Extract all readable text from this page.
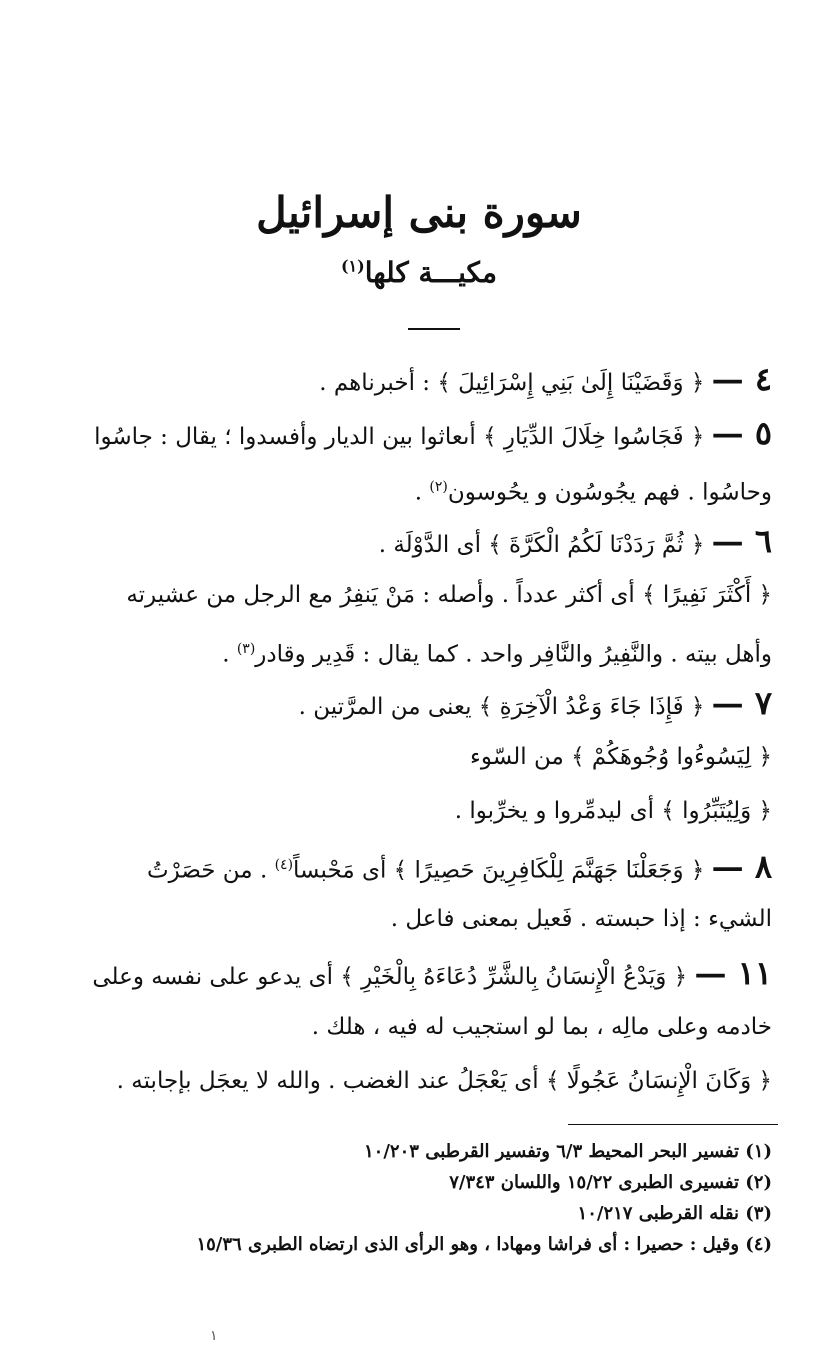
سورة بنى إسرائيل
مكيـــة كلها$^{(١)}$
٤ — ﴿ وَقَضَيْنَا إِلَىٰ بَنِي إِسْرَائِيلَ ﴾ : أخبرناهم .
٥ — ﴿ فَجَاسُوا خِلَالَ الدِّيَارِ ﴾ أىعاثوا بين الديار وأفسدوا ؛ يقال : جاسُوا
وحاسُوا . فهم يجُوسُون و يحُوسون$^{(٢)}$ .
٦ — ﴿ ثُمَّ رَدَدْنَا لَكُمُ الْكَرَّةَ ﴾ أى الدَّوْلَة .
﴿ أَكْثَرَ نَفِيرًا ﴾ أى أكثر عدداً . وأصله : مَنْ يَنفِرُ مع الرجل من عشيرته
وأهل بيته . والنَّفِيرُ والنَّافِر واحد . كما يقال : قَدِير وقادر$^{(٣)}$ .
٧ — ﴿ فَإِذَا جَاءَ وَعْدُ الْآخِرَةِ ﴾ يعنى من المرَّتين .
﴿ لِيَسُوءُوا وُجُوهَكُمْ ﴾ من السّوء
﴿ وَلِيُتَبِّرُوا ﴾ أى ليدمِّروا و يخرِّبوا .
٨ — ﴿ وَجَعَلْنَا جَهَنَّمَ لِلْكَافِرِينَ حَصِيرًا ﴾ أى مَحْبساً$^{(٤)}$ . من حَصَرْتُ
الشيء : إذا حبسته . فَعيل بمعنى فاعل .
١١ — ﴿ وَيَدْعُ الْإِنسَانُ بِالشَّرِّ دُعَاءَهُ بِالْخَيْرِ ﴾ أى يدعو على نفسه وعلى
خادمه وعلى مالِه ، بما لو استجيب له فيه ، هلك .
﴿ وَكَانَ الْإِنسَانُ عَجُولًا ﴾ أى يَعْجَلُ عند الغضب . والله لا يعجَل بإجابته .
(١) تفسير البحر المحيط ٦/٣ وتفسير القرطبى ١٠/٢٠٣
(٢) تفسيرى الطبرى ١٥/٢٢ واللسان ٧/٣٤٣
(٣) نقله القرطبى ١٠/٢١٧
(٤) وقيل : حصيرا : أى فراشا ومهادا ، وهو الرأى الذى ارتضاه الطبرى ١٥/٣٦
١
